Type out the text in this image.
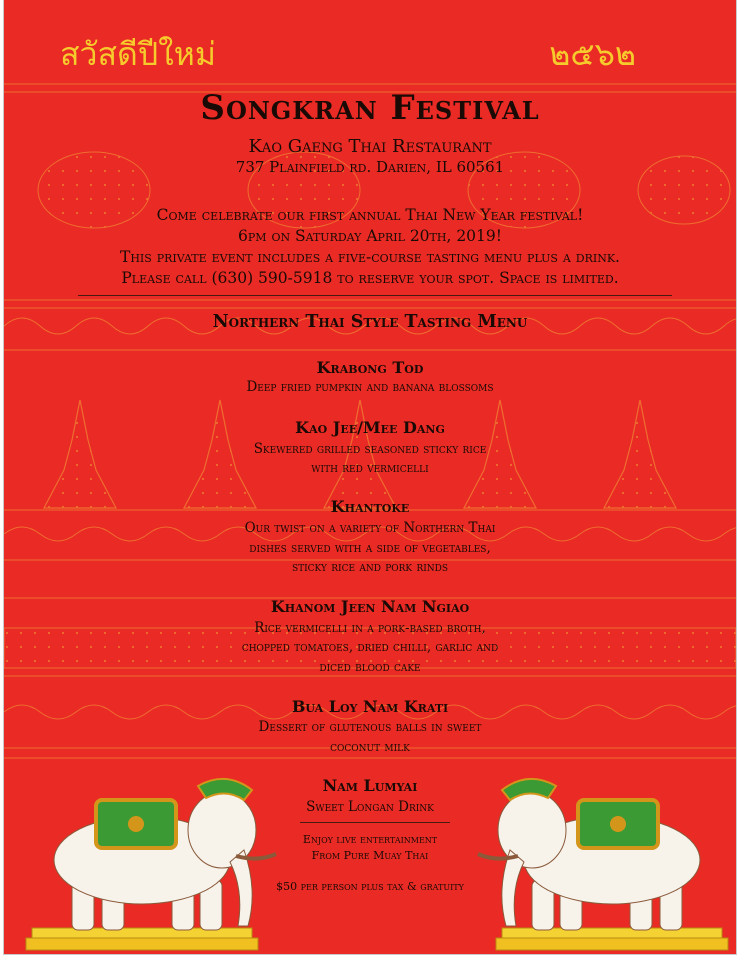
สวัสดีปีใหม่	๒๕๖๒
Songkran Festival

Kao Gaeng Thai Restaurant

737 Plainfield rd. Darien, IL 60561

Come celebrate our first annual Thai New Year festival!

6pm on Saturday April 20th, 2019!

This private event includes a five-course tasting menu plus a drink.

Please call (630) 590-5918 to reserve your spot. Space is limited.

Northern Thai Style Tasting Menu

Krabong Tod

Deep fried pumpkin and banana blossoms

Kao Jee/Mee Dang

Skewered grilled seasoned sticky rice

with red vermicelli

Khantoke

Our twist on a variety of Northern Thai

dishes served with a side of vegetables,

sticky rice and pork rinds

Khanom Jeen Nam Ngiao

Rice vermicelli in a pork-based broth,

chopped tomatoes, dried chilli, garlic and

diced blood cake

Bua Loy Nam Krati

Dessert of glutenous balls in sweet

coconut milk

Nam Lumyai

Sweet Longan Drink

Enjoy live entertainment

From Pure Muay Thai

$50 per person plus tax & gratuity
